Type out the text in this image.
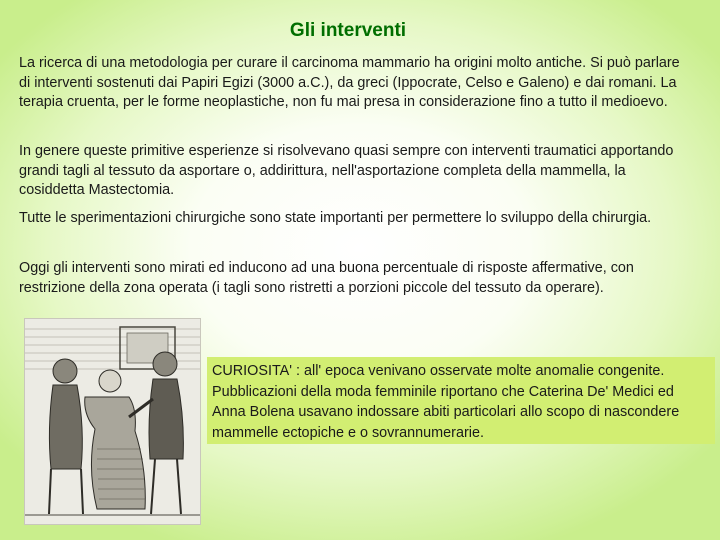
Gli interventi

La ricerca di una metodologia per curare il carcinoma mammario ha origini molto antiche. Si può parlare di interventi sostenuti dai Papiri Egizi (3000 a.C.), da greci (Ippocrate, Celso e Galeno) e dai romani. La terapia cruenta, per le forme neoplastiche, non fu mai presa in considerazione fino a tutto il medioevo.

In genere queste primitive esperienze si risolvevano quasi sempre con interventi traumatici apportando grandi tagli al tessuto da asportare o, addirittura, nell'asportazione completa della mammella, la cosiddetta Mastectomia.

Tutte le sperimentazioni chirurgiche sono state importanti per permettere lo sviluppo della chirurgia.

Oggi gli interventi sono mirati ed inducono ad una buona percentuale di risposte affermative, con restrizione della zona operata (i tagli sono ristretti a porzioni piccole del tessuto da operare).

CURIOSITA' : all' epoca venivano osservate molte anomalie congenite. Pubblicazioni della moda femminile riportano che Caterina De' Medici ed Anna Bolena usavano indossare abiti particolari allo scopo di nascondere mammelle ectopiche e o sovrannumerarie.
